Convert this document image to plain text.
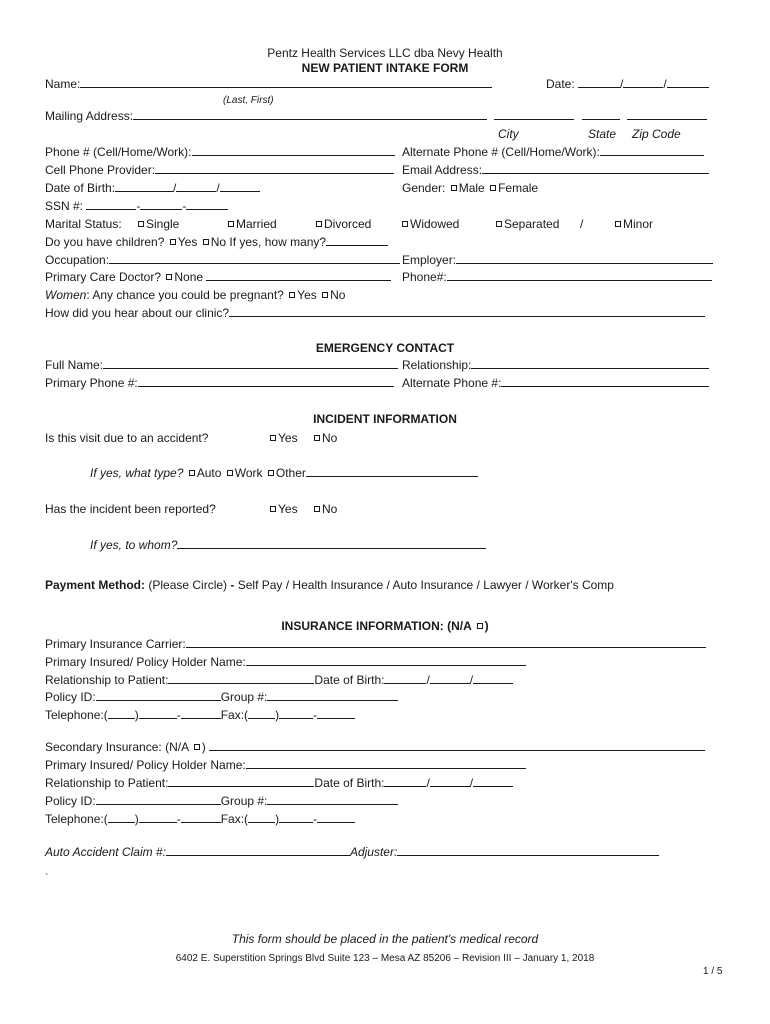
Pentz Health Services LLC dba Nevy Health
NEW PATIENT INTAKE FORM
Name:	Date:	/	/
(Last, First)
Mailing Address:
City	State Zip Code
Phone # (Cell/Home/Work):	Alternate Phone # (Cell/Home/Work):
Cell Phone Provider:	Email Address:
Date of Birth:	/	/	Gender: Male Female
SSN #:	-	-
Marital Status:	Single	Married	Divorced	Widowed	Separated /	Minor
Do you have children? Yes No If yes, how many?
Occupation:	Employer:
Primary Care Doctor? None	Phone#:
Women: Any chance you could be pregnant? Yes No
How did you hear about our clinic?
EMERGENCY CONTACT
Full Name:	Relationship:
Primary Phone #:	Alternate Phone #:
INCIDENT INFORMATION
Is this visit due to an accident?	Yes	No
If yes, what type? Auto Work Other
Has the incident been reported?	Yes	No
If yes, to whom?
Payment Method: (Please Circle) - Self Pay / Health Insurance / Auto Insurance / Lawyer / Worker's Comp
INSURANCE INFORMATION: (N/A )
Primary Insurance Carrier:
Primary Insured/ Policy Holder Name:
Relationship to Patient:	Date of Birth:	/	/
Policy ID:	Group #:
Telephone:( )	-	Fax:( )	-
Secondary Insurance: (N/A )
Primary Insured/ Policy Holder Name:
Relationship to Patient:	Date of Birth:	/	/
Policy ID:	Group #:
Telephone:( )	-	Fax:( )	-
Auto Accident Claim #:	Adjuster:
`
This form should be placed in the patient's medical record
6402 E. Superstition Springs Blvd Suite 123 – Mesa AZ 85206 – Revision III – January 1, 2018
1 / 5
